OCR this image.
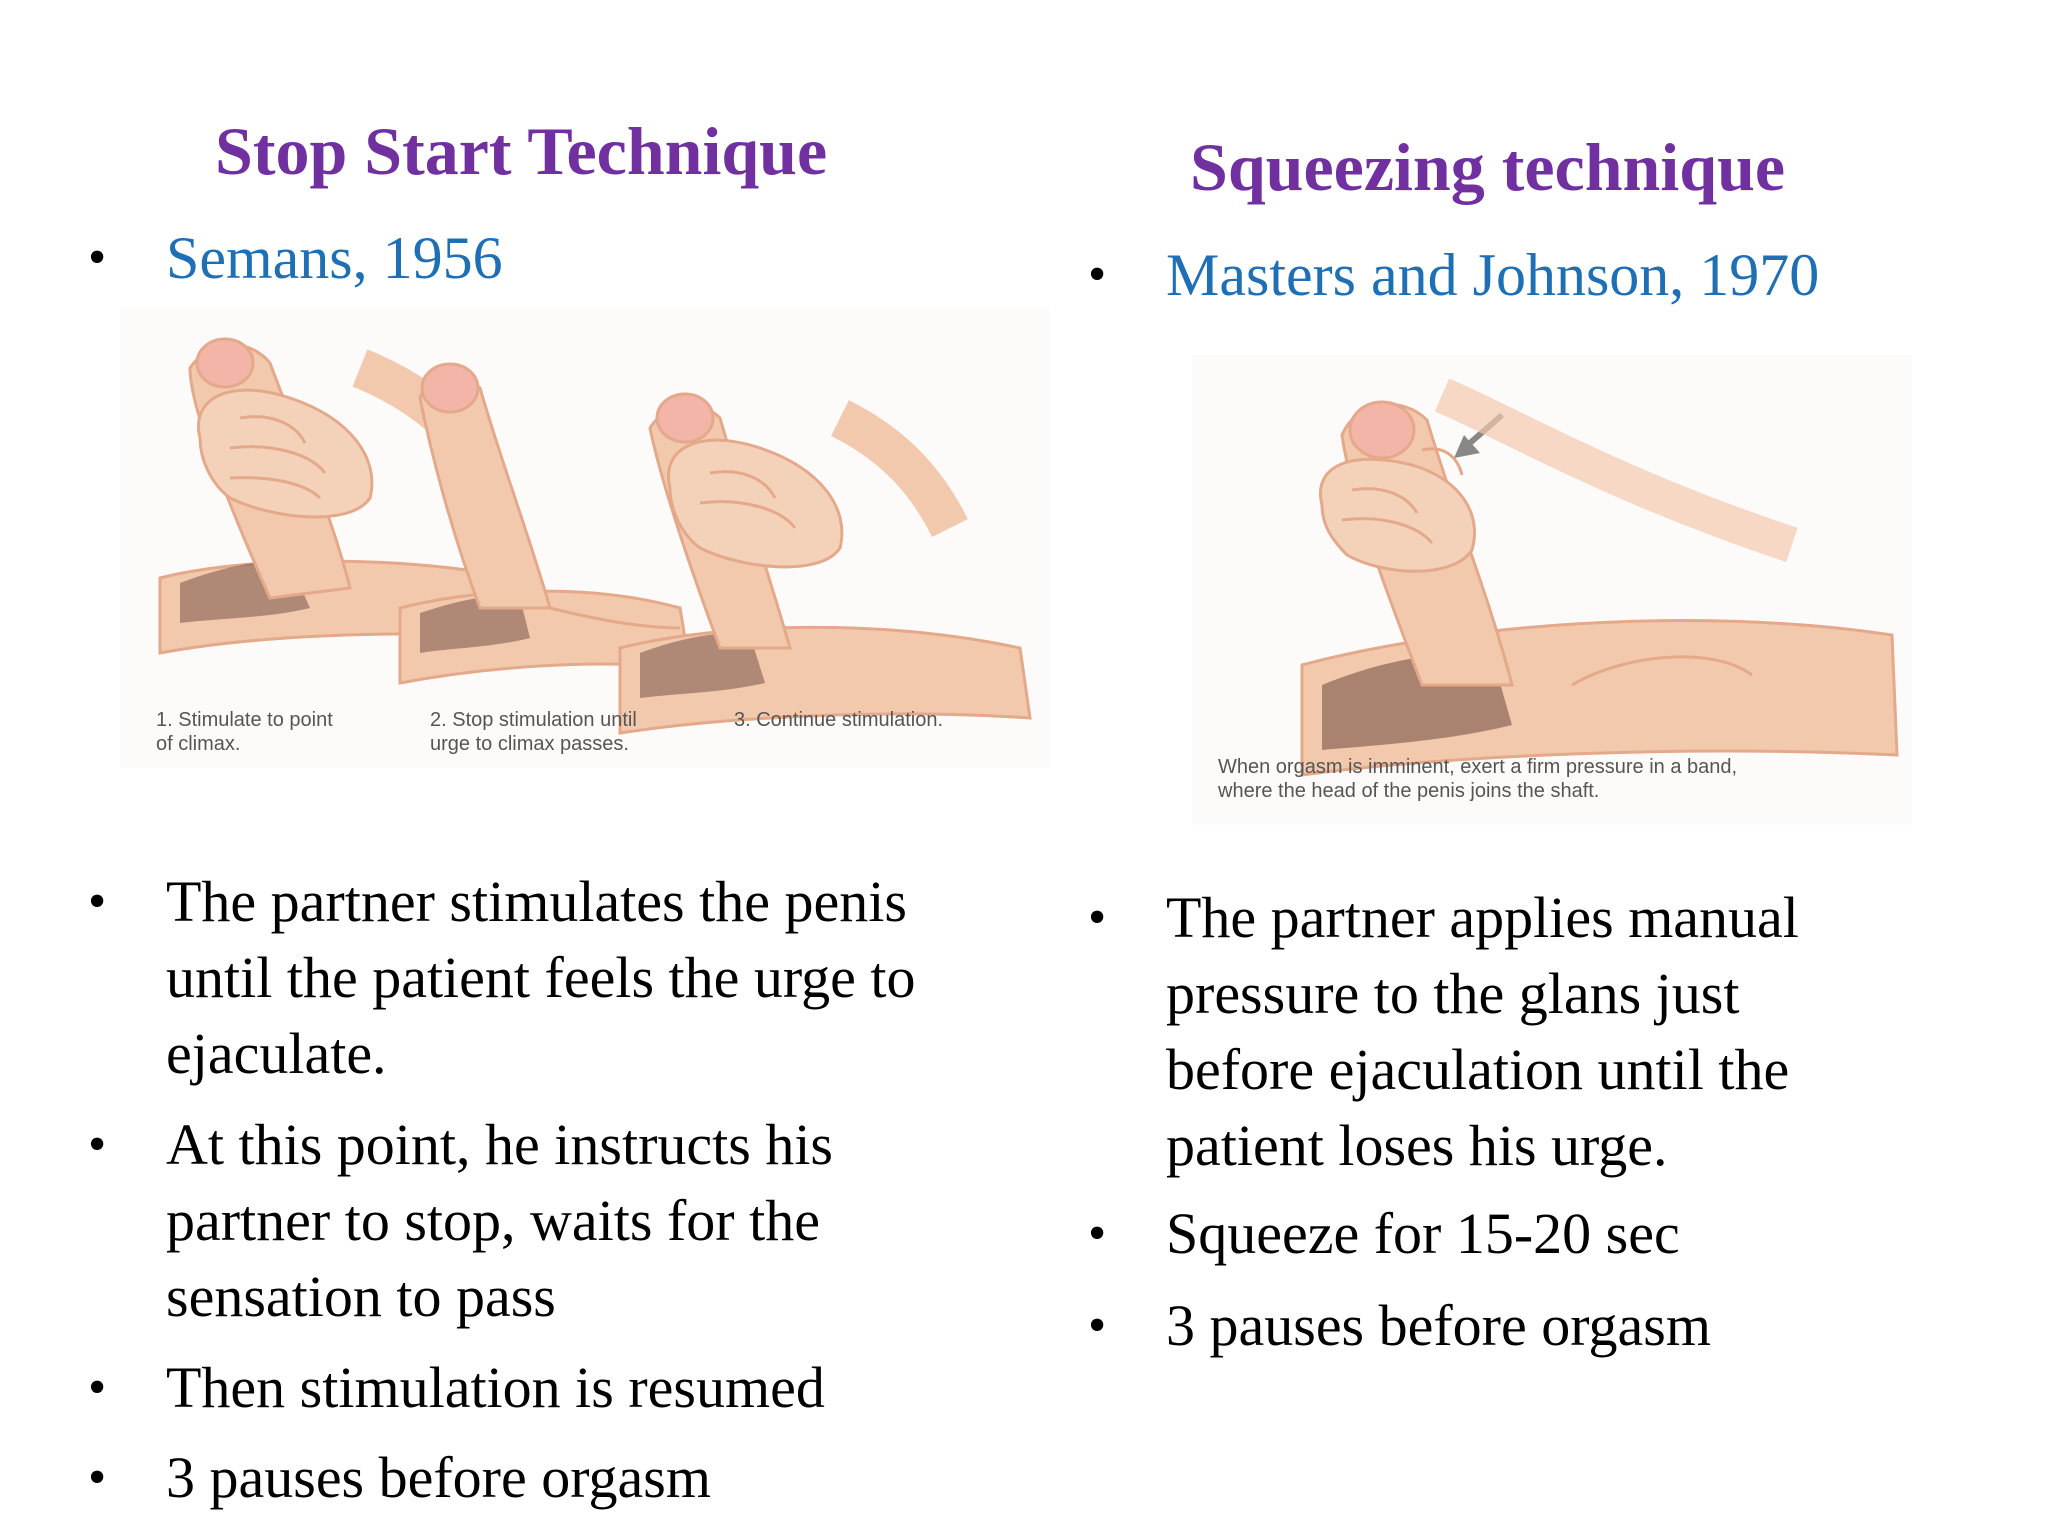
Stop Start Technique
• Semans, 1956
1. Stimulate to point
of climax.
2. Stop stimulation until
urge to climax passes.
3. Continue stimulation.
•	The partner stimulates the penis until the patient feels the urge to ejaculate.
•	At this point, he instructs his partner to stop, waits for the sensation to pass
•	Then stimulation is resumed
•	3 pauses before orgasm
Squeezing technique
• Masters and Johnson, 1970
When orgasm is imminent, exert a firm pressure in a band,
where the head of the penis joins the shaft.
•	The partner applies manual pressure to the glans just before ejaculation until the patient loses his urge.
•	Squeeze for 15-20 sec
•	3 pauses before orgasm
